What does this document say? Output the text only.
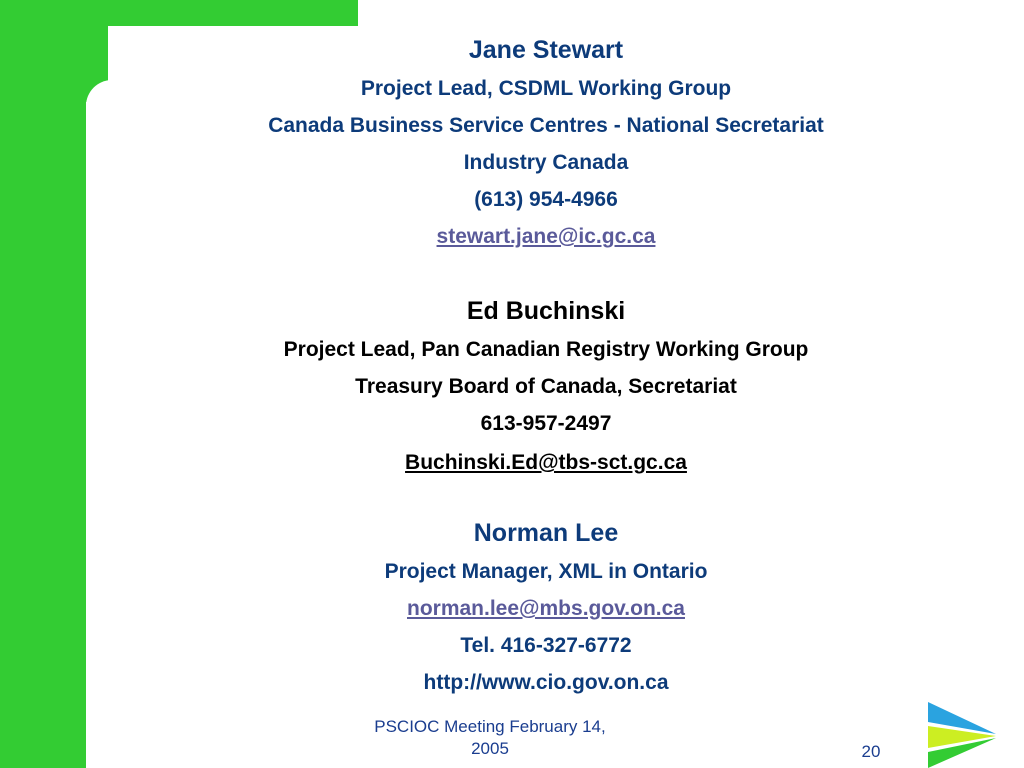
Jane Stewart
Project Lead, CSDML Working Group
Canada Business Service Centres - National Secretariat
Industry Canada
(613) 954-4966
stewart.jane@ic.gc.ca
Ed Buchinski
Project Lead, Pan Canadian Registry Working Group
Treasury Board of Canada, Secretariat
613-957-2497
Buchinski.Ed@tbs-sct.gc.ca
Norman Lee
Project Manager, XML in Ontario
norman.lee@mbs.gov.on.ca
Tel. 416-327-6772
http://www.cio.gov.on.ca
PSCIOC Meeting February 14,
2005	20
